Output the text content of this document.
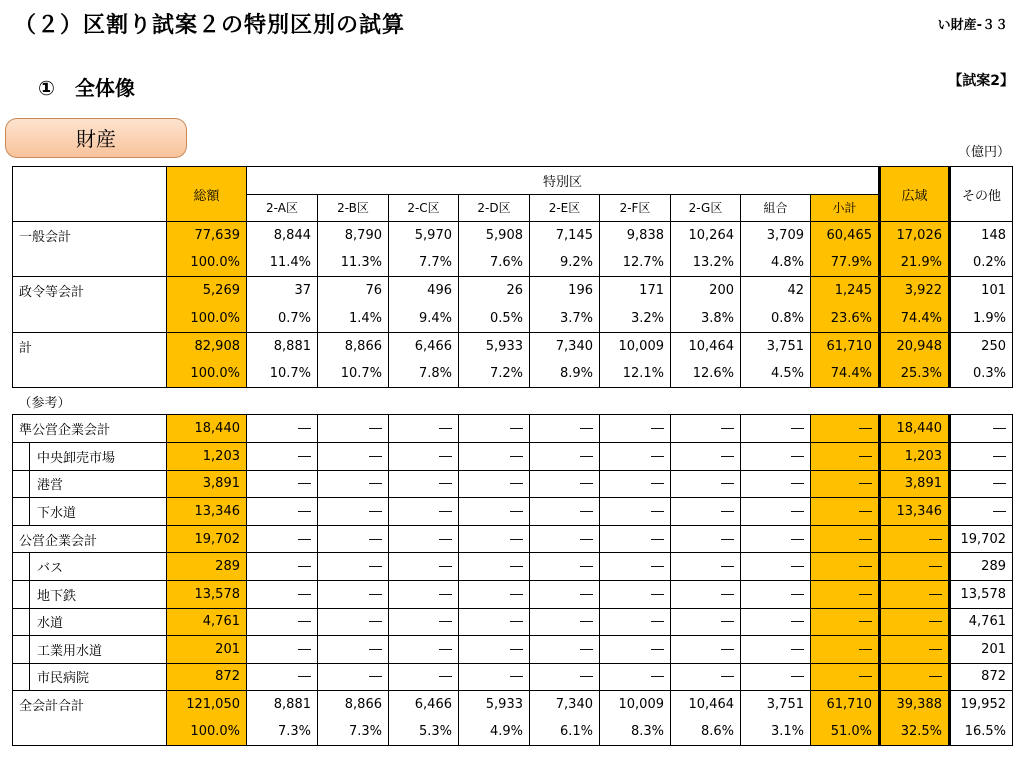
（２）区割り試案２の特別区別の試算	い財産-３３
①　全体像	【試案2】
財産
（億円）
	総額	特別区									広域	その他
		2-A区	2-B区	2-C区	2-D区	2-E区	2-F区	2-G区	組合	小計		
一般会計	77,639	8,844	8,790	5,970	5,908	7,145	9,838	10,264	3,709	60,465	17,026	148
	100.0%	11.4%	11.3%	7.7%	7.6%	9.2%	12.7%	13.2%	4.8%	77.9%	21.9%	0.2%
政令等会計	5,269	37	76	496	26	196	171	200	42	1,245	3,922	101
	100.0%	0.7%	1.4%	9.4%	0.5%	3.7%	3.2%	3.8%	0.8%	23.6%	74.4%	1.9%
計	82,908	8,881	8,866	6,466	5,933	7,340	10,009	10,464	3,751	61,710	20,948	250
	100.0%	10.7%	10.7%	7.8%	7.2%	8.9%	12.1%	12.6%	4.5%	74.4%	25.3%	0.3%
（参考）												
準公営企業会計	18,440	―	―	―	―	―	―	―	―	―	18,440	―
中央卸売市場	1,203	―	―	―	―	―	―	―	―	―	1,203	―
港営	3,891	―	―	―	―	―	―	―	―	―	3,891	―
下水道	13,346	―	―	―	―	―	―	―	―	―	13,346	―
公営企業会計	19,702	―	―	―	―	―	―	―	―	―	―	19,702
バス	289	―	―	―	―	―	―	―	―	―	―	289
地下鉄	13,578	―	―	―	―	―	―	―	―	―	―	13,578
水道	4,761	―	―	―	―	―	―	―	―	―	―	4,761
工業用水道	201	―	―	―	―	―	―	―	―	―	―	201
市民病院	872	―	―	―	―	―	―	―	―	―	―	872
全会計合計	121,050	8,881	8,866	6,466	5,933	7,340	10,009	10,464	3,751	61,710	39,388	19,952
	100.0%	7.3%	7.3%	5.3%	4.9%	6.1%	8.3%	8.6%	3.1%	51.0%	32.5%	16.5%
